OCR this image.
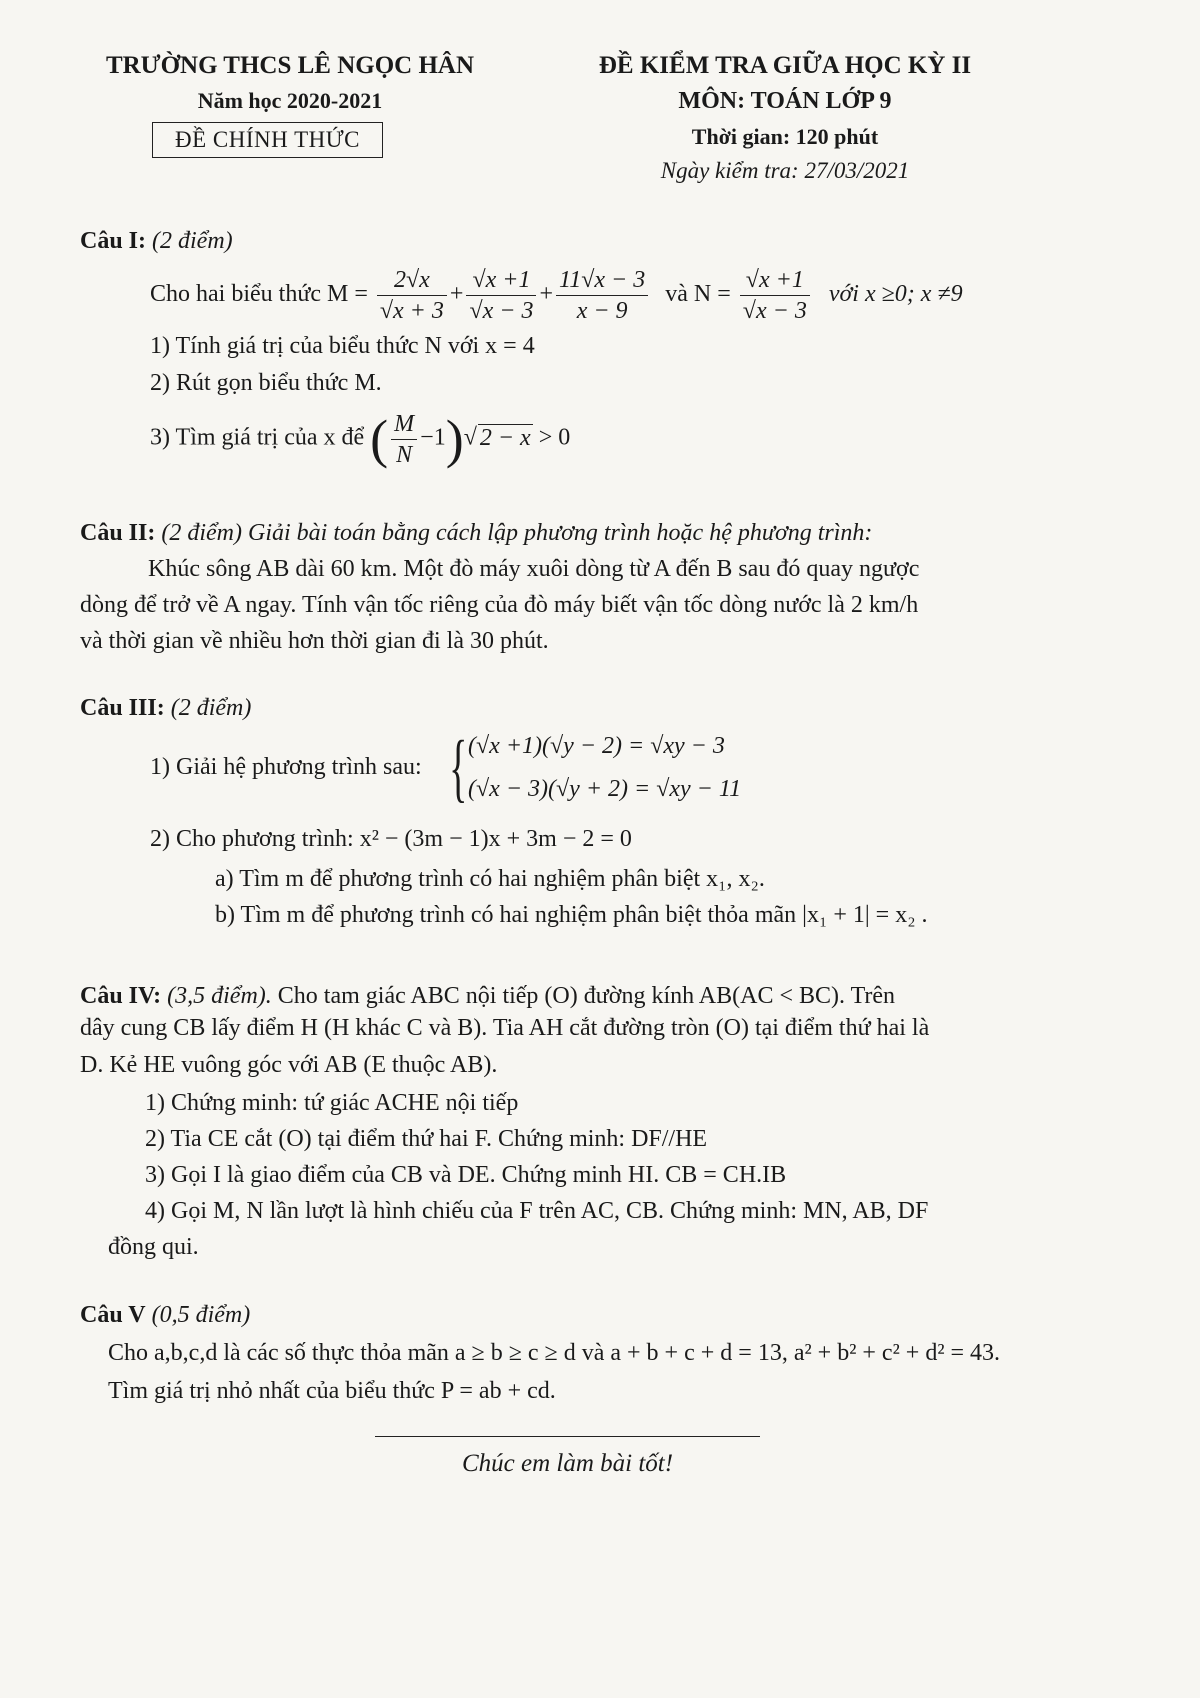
TRƯỜNG THCS LÊ NGỌC HÂN
Năm học 2020-2021
ĐỀ CHÍNH THỨC
ĐỀ KIỂM TRA GIỮA HỌC KỲ II
MÔN: TOÁN LỚP 9
Thời gian: 120 phút
Ngày kiểm tra: 27/03/2021
Câu I: (2 điểm)
Cho hai biểu thức $M = \frac{2√x}{√x + 3} + \frac{√x +1}{√x - 3} + \frac{11√x - 3}{x - 9}$ và $N = \frac{√x +1}{√x - 3}$ với x ≥0; x ≠9
1) Tính giá trị của biểu thức N với x = 4
2) Rút gọn biểu thức M.
3) Tìm giá trị của x để ( $\frac{M}{N} -1)√$ 2 − x > 0
Câu II: (2 điểm) Giải bài toán bằng cách lập phương trình hoặc hệ phương trình:
Khúc sông AB dài 60 km. Một đò máy xuôi dòng từ A đến B sau đó quay ngược
dòng để trở về A ngay. Tính vận tốc riêng của đò máy biết vận tốc dòng nước là 2 km/h
và thời gian về nhiều hơn thời gian đi là 30 phút.
Câu III: (2 điểm)
1) Giải hệ phương trình sau: { (√x +1)(√y − 2) = √xy − 3
(√x − 3)(√y + 2) = √xy − 11
2) Cho phương trình: x² − (3m − 1)x + 3m − 2 = 0
a) Tìm m để phương trình có hai nghiệm phân biệt x₁, x₂.
b) Tìm m để phương trình có hai nghiệm phân biệt thỏa mãn |x₁ + 1| = x₂ .
Câu IV: (3,5 điểm). Cho tam giác ABC nội tiếp (O) đường kính AB(AC < BC). Trên
dây cung CB lấy điểm H (H khác C và B). Tia AH cắt đường tròn (O) tại điểm thứ hai là
D. Kẻ HE vuông góc với AB (E thuộc AB).
1) Chứng minh: tứ giác ACHE nội tiếp
2) Tia CE cắt (O) tại điểm thứ hai F. Chứng minh: DF//HE
3) Gọi I là giao điểm của CB và DE. Chứng minh HI. CB = CH.IB
4) Gọi M, N lần lượt là hình chiếu của F trên AC, CB. Chứng minh: MN, AB, DF
đồng qui.
Câu V (0,5 điểm)
Cho a,b,c,d là các số thực thỏa mãn a ≥ b ≥ c ≥ d và a + b + c + d = 13, a² + b² + c² + d² = 43.
Tìm giá trị nhỏ nhất của biểu thức P = ab + cd.
Chúc em làm bài tốt!
